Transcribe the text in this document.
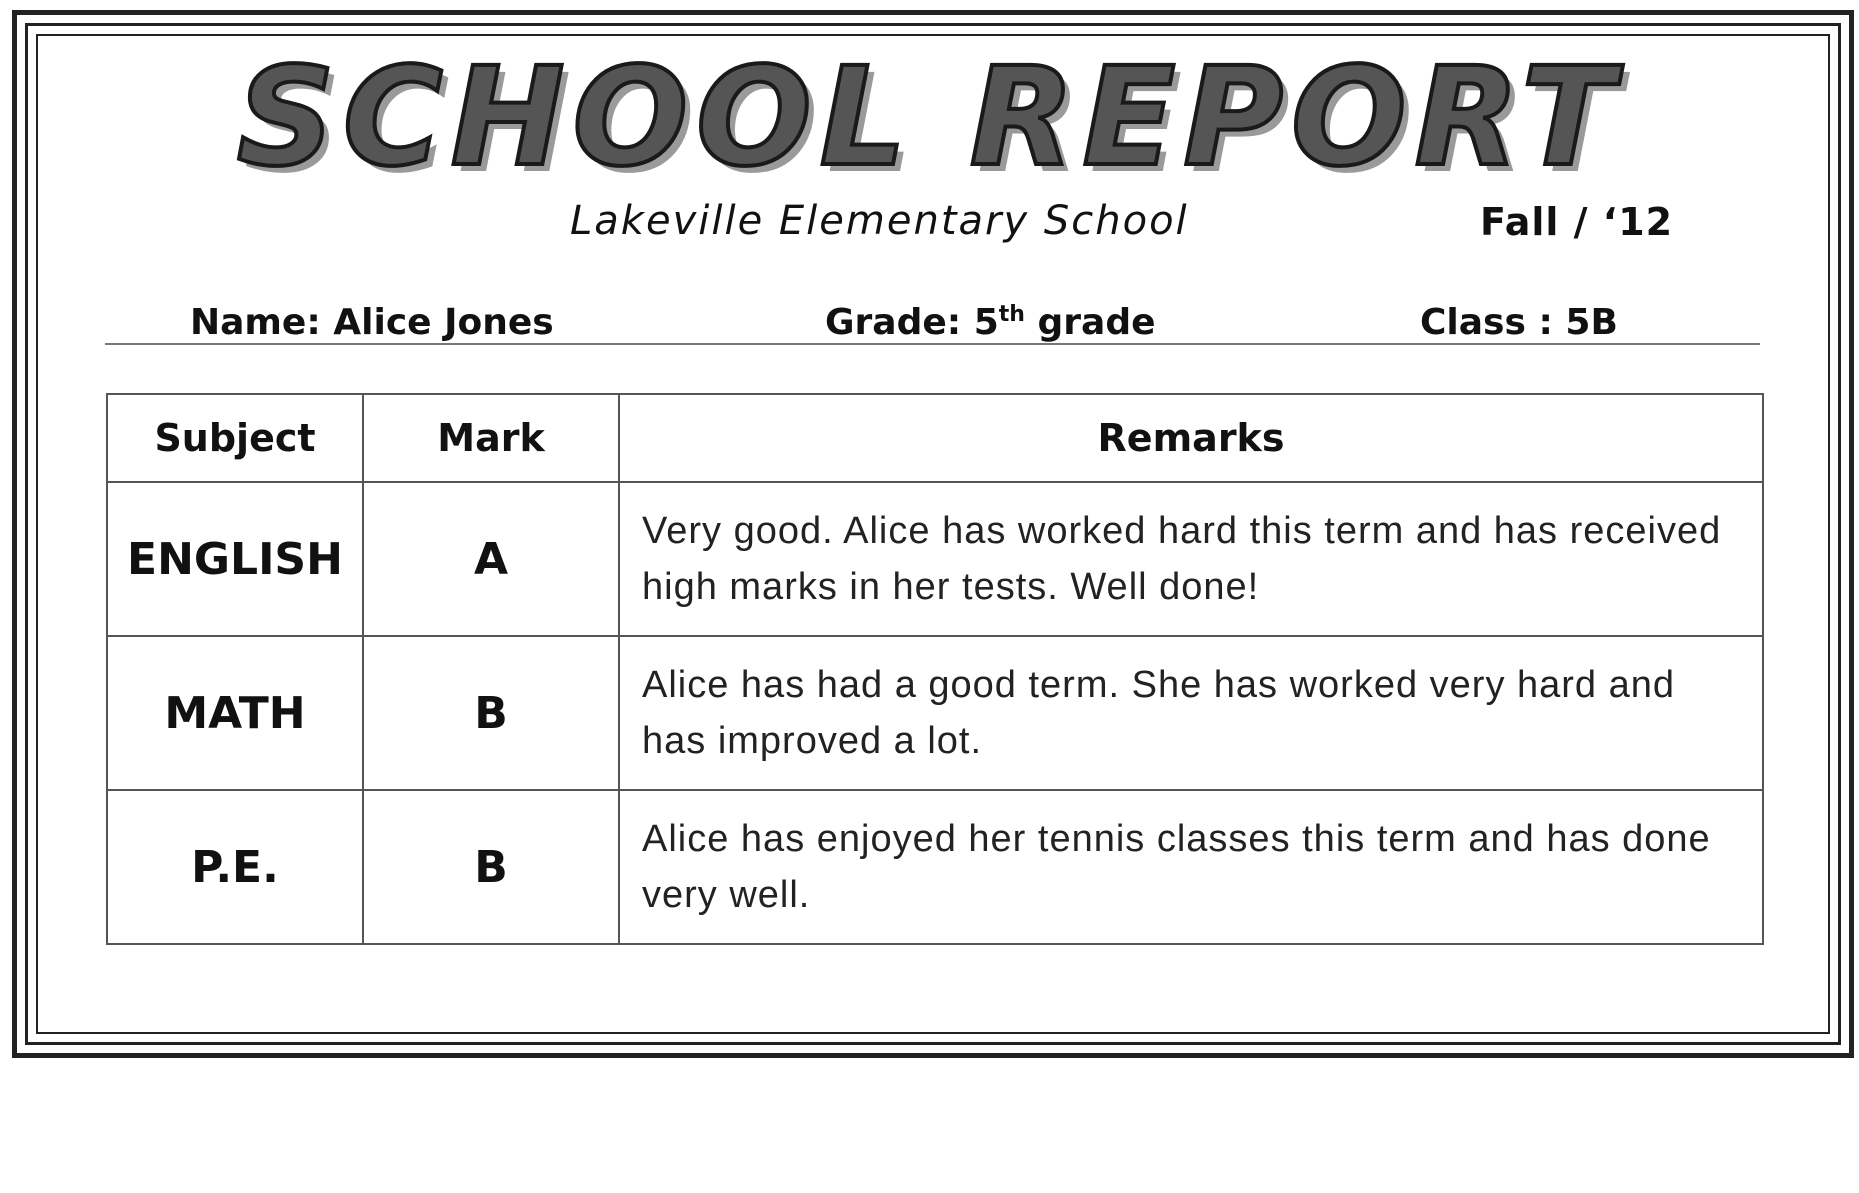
SCHOOL REPORT
Lakeville Elementary School	Fall / ‘12
Name: Alice Jones	Grade: 5th grade	Class : 5B
Subject	Mark	Remarks
ENGLISH	A	Very good. Alice has worked hard this term and has received high marks in her tests. Well done!
MATH	B	Alice has had a good term. She has worked very hard and has improved a lot.
P.E.	B	Alice has enjoyed her tennis classes this term and has done very well.
